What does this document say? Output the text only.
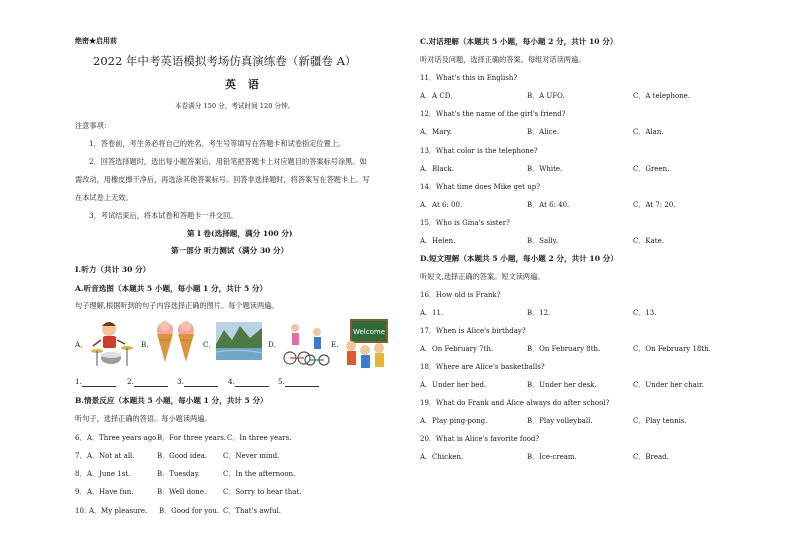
绝密★启用前
2022 年中考英语模拟考场仿真演练卷（新疆卷 A）
英 语
本卷满分 150 分，考试时间 120 分钟。
注意事项：
1．答卷前，考生务必将自己的姓名、考生号等填写在答题卡和试卷指定位置上。
2．回答选择题时，选出每小题答案后，用铅笔把答题卡上对应题目的答案标号涂黑。如
需改动，用橡皮擦干净后，再选涂其他答案标号。回答非选择题时，将答案写在答题卡上。写
在本试卷上无效。
3．考试结束后，将本试卷和答题卡一并交回。
第 I 卷(选择题，满分 100 分)
第一部分 听力测试（满分 30 分）
I.听力（共计 30 分）
A.听音选图（本题共 5 小题，每小题 1 分，共计 5 分）
句子理解,根据听到的句子内容选择正确的图片。每个题读两遍。
A．	B．	C．	D．	E.
Welcome
1.	2.	3.	4.	5.
B.情景反应（本题共 5 小题，每小题 1 分，共计 5 分）
听句子，选择正确的答语。每小题读两遍。
6． A．Three years ago B．For three years. C．In three years.
7． A．Not at all.	B．Good idea. C．Never mind.
8． A．June 1st.	B．Tuesday.	C．In the afternoon.
9． A．Have fun.	B．Well done. C．Sorry to hear that.
10．
A．My pleasure. B．Good for you. C．That's awful.
C.对话理解（本题共 5 小题，每小题 2 分，共计 10 分）
听对话及问题，选择正确的答案。每组对话读两遍。
11．What's this in English?
A．A CD．	B．A UFO.	C．A telephone.
12．What's the name of the girl's friend?
A．Mary.	B．Alice.	C．Alan.
13．What color is the telephone?
A．Black.	B．White.	C．Green.
14．What time does Mike get up?
A．At 6: 00.	B．At 6: 40.	C．At 7: 20.
15．Who is Gina's sister?
A．Helen.	B．Sally.	C．Kate.
D.短文理解（本题共 5 小题，每小题 2 分，共计 10 分）
听短文,选择正确的答案。短文读两遍。
16．How old is Frank?
A．11.	B．12.	C．13.
17．When is Alice's birthday?
A．On February 7th.	B．On February 8th.	C．On February 18th.
18．Where are Alice's basketballs?
A．Under her bed.	B．Under her desk.	C．Under her chair.
19．What do Frank and Alice always do after school?
A．Play ping-pong.	B．Play volleyball.	C．Play tennis.
20．What is Alice's favorite food?
A．Chicken.	B．Ice-cream.	C．Bread.
